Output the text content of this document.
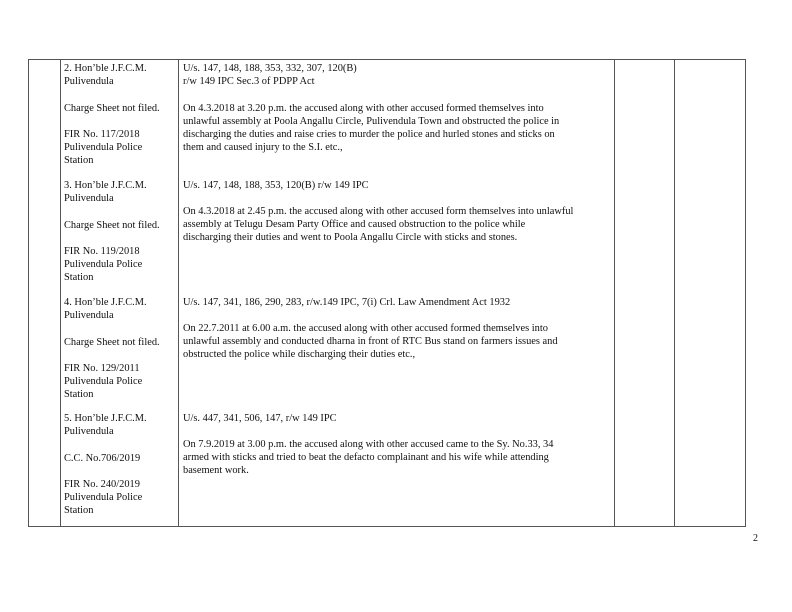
2. Hon’ble J.F.C.M.
Pulivendula
Charge Sheet not filed.
FIR No. 117/2018
Pulivendula Police
Station
U/s. 147, 148, 188, 353, 332, 307, 120(B)
r/w 149 IPC Sec.3 of PDPP Act
On 4.3.2018 at 3.20 p.m. the accused along with other accused formed themselves into
unlawful assembly at Poola Angallu Circle, Pulivendula Town and obstructed the police in
discharging the duties and raise cries to murder the police and hurled stones and sticks on
them and caused injury to the S.I. etc.,
3. Hon’ble J.F.C.M.
Pulivendula
Charge Sheet not filed.
FIR No. 119/2018
Pulivendula Police
Station
U/s. 147, 148, 188, 353, 120(B) r/w 149 IPC
On 4.3.2018 at 2.45 p.m. the accused along with other accused form themselves into unlawful
assembly at Telugu Desam Party Office and caused obstruction to the police while
discharging their duties and went to Poola Angallu Circle with sticks and stones.
4. Hon’ble J.F.C.M.
Pulivendula
Charge Sheet not filed.
FIR No. 129/2011
Pulivendula Police
Station
U/s. 147, 341, 186, 290, 283, r/w.149 IPC, 7(i) Crl. Law Amendment Act 1932
On 22.7.2011 at 6.00 a.m. the accused along with other accused formed themselves into
unlawful assembly and conducted dharna in front of RTC Bus stand on farmers issues and
obstructed the police while discharging their duties etc.,
5. Hon’ble J.F.C.M.
Pulivendula
C.C. No.706/2019
FIR No. 240/2019
Pulivendula Police
Station
U/s. 447, 341, 506, 147, r/w 149 IPC
On 7.9.2019 at 3.00 p.m. the accused along with other accused came to the Sy. No.33, 34
armed with sticks and tried to beat the defacto complainant and his wife while attending
basement work.
2
